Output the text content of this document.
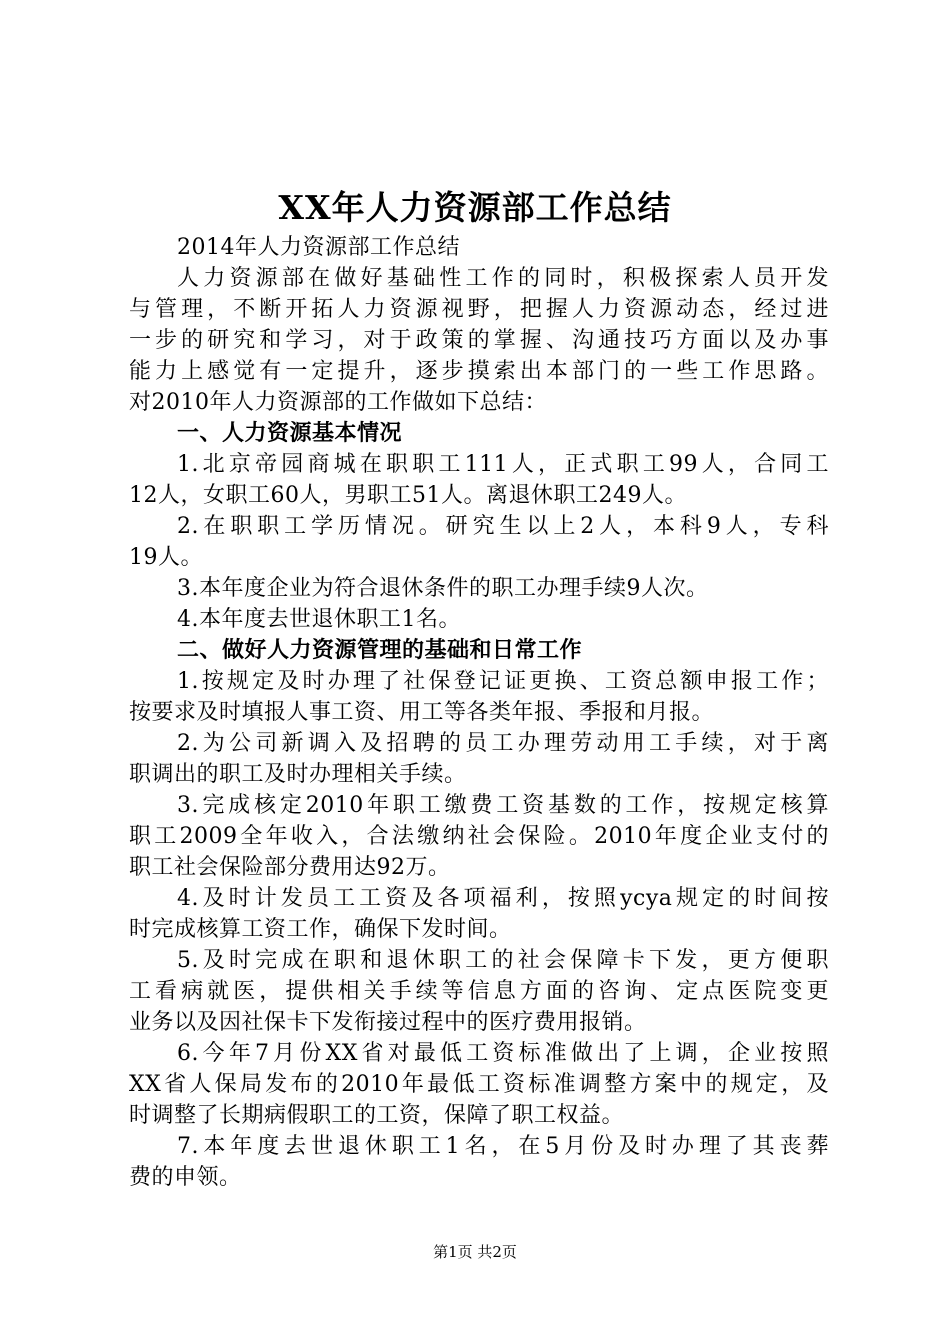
XX年人力资源部工作总结
2014年人力资源部工作总结
人力资源部在做好基础性工作的同时，积极探索人员开发
与管理，不断开拓人力资源视野，把握人力资源动态，经过进
一步的研究和学习，对于政策的掌握、沟通技巧方面以及办事
能力上感觉有一定提升，逐步摸索出本部门的一些工作思路。
对2010年人力资源部的工作做如下总结：
一、人力资源基本情况
1.北京帝园商城在职职工111人，正式职工99人，合同工
12人，女职工60人，男职工51人。离退休职工249人。
2.在职职工学历情况。研究生以上2人，本科9人，专科
19人。
3.本年度企业为符合退休条件的职工办理手续9人次。
4.本年度去世退休职工1名。
二、做好人力资源管理的基础和日常工作
1.按规定及时办理了社保登记证更换、工资总额申报工作；
按要求及时填报人事工资、用工等各类年报、季报和月报。
2.为公司新调入及招聘的员工办理劳动用工手续，对于离
职调出的职工及时办理相关手续。
3.完成核定2010年职工缴费工资基数的工作，按规定核算
职工2009全年收入，合法缴纳社会保险。2010年度企业支付的
职工社会保险部分费用达92万。
4.及时计发员工工资及各项福利，按照ycya规定的时间按
时完成核算工资工作，确保下发时间。
5.及时完成在职和退休职工的社会保障卡下发，更方便职
工看病就医，提供相关手续等信息方面的咨询、定点医院变更
业务以及因社保卡下发衔接过程中的医疗费用报销。
6.今年7月份XX省对最低工资标准做出了上调，企业按照
XX省人保局发布的2010年最低工资标准调整方案中的规定，及
时调整了长期病假职工的工资，保障了职工权益。
7.本年度去世退休职工1名，在5月份及时办理了其丧葬
费的申领。
第1页 共2页
